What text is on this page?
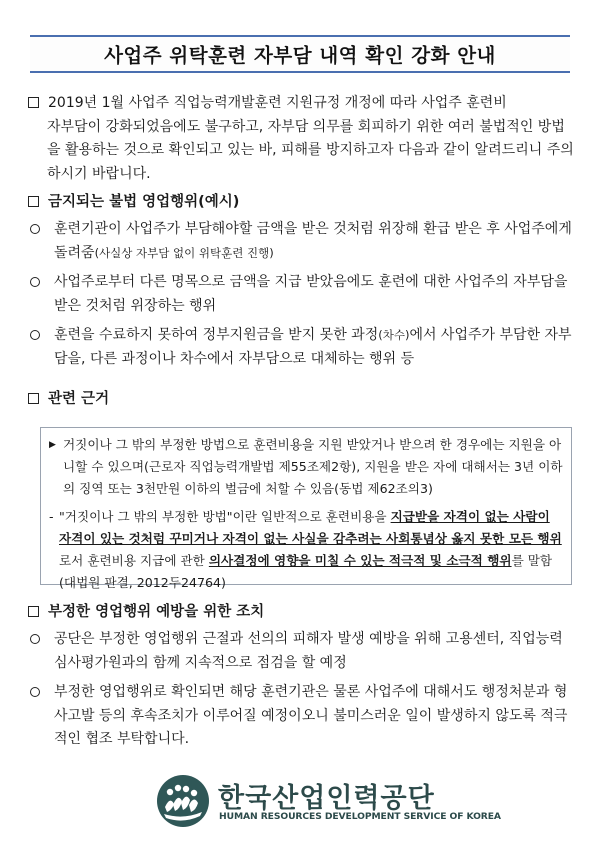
사업주 위탁훈련 자부담 내역 확인 강화 안내
2019년 1월 사업주 직업능력개발훈련 지원규정 개정에 따라 사업주 훈련비
자부담이 강화되었음에도 불구하고, 자부담 의무를 회피하기 위한 여러 불법적인 방법을 활용하는 것으로 확인되고 있는 바, 피해를 방지하고자 다음과 같이 알려드리니 주의하시기 바랍니다.
금지되는 불법 영업행위(예시)
훈련기관이 사업주가 부담해야할 금액을 받은 것처럼 위장해 환급 받은 후 사업주에게 돌려줌(사실상 자부담 없이 위탁훈련 진행)
사업주로부터 다른 명목으로 금액을 지급 받았음에도 훈련에 대한 사업주의 자부담을 받은 것처럼 위장하는 행위
훈련을 수료하지 못하여 정부지원금을 받지 못한 과정(차수)에서 사업주가 부담한 자부담을, 다른 과정이나 차수에서 자부담으로 대체하는 행위 등
관련 근거
▶ 거짓이나 그 밖의 부정한 방법으로 훈련비용을 지원 받았거나 받으려 한 경우에는 지원을 아니할 수 있으며(근로자 직업능력개발법 제55조제2항), 지원을 받은 자에 대해서는 3년 이하의 징역 또는 3천만원 이하의 벌금에 처할 수 있음(동법 제62조의3)
- "거짓이나 그 밖의 부정한 방법"이란 일반적으로 훈련비용을 지급받을 자격이 없는 사람이 자격이 있는 것처럼 꾸미거나 자격이 없는 사실을 감추려는 사회통념상 옳지 못한 모든 행위로서 훈련비용 지급에 관한 의사결정에 영향을 미칠 수 있는 적극적 및 소극적 행위를 말함(대법원 판결, 2012두24764)
부정한 영업행위 예방을 위한 조치
공단은 부정한 영업행위 근절과 선의의 피해자 발생 예방을 위해 고용센터, 직업능력심사평가원과의 함께 지속적으로 점검을 할 예정
부정한 영업행위로 확인되면 해당 훈련기관은 물론 사업주에 대해서도 행정처분과 형사고발 등의 후속조치가 이루어질 예정이오니 불미스러운 일이 발생하지 않도록 적극적인 협조 부탁합니다.
한국산업인력공단
HUMAN RESOURCES DEVELOPMENT SERVICE OF KOREA
